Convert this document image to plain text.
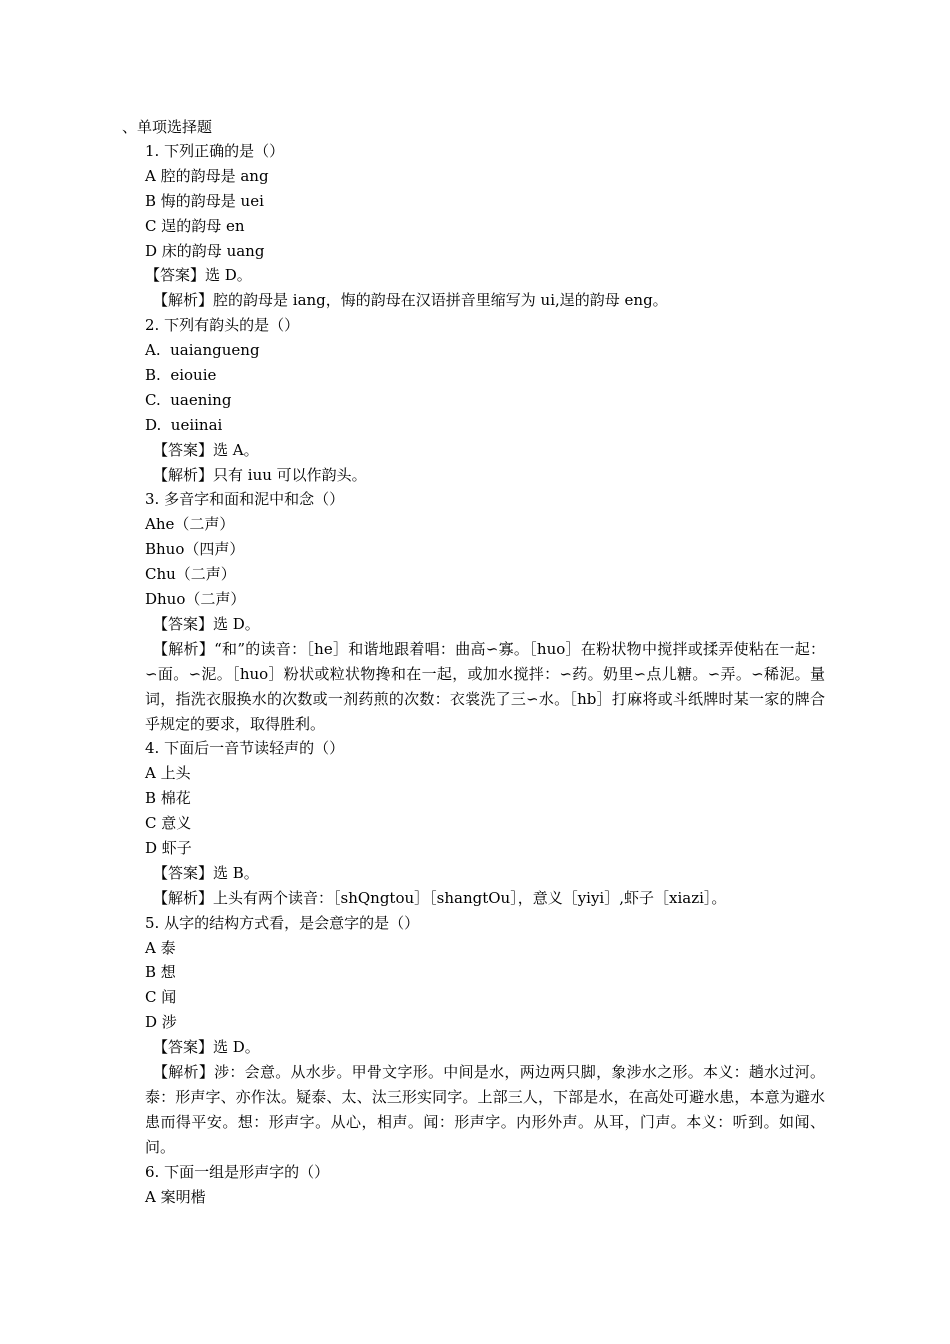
、单项选择题
1. 下列正确的是（）
A 腔的韵母是 ang
B 悔的韵母是 uei
C 逞的韵母 en
D 床的韵母 uang
【答案】选 D。
【解析】腔的韵母是 iang，悔的韵母在汉语拼音里缩写为 ui,逞的韵母 eng。
2. 下列有韵头的是（）
A.  uaiangueng
B.  eiouie
C.  uaening
D.  ueiinai
【答案】选 A。
【解析】只有 iuu 可以作韵头。
3. 多音字和面和泥中和念（）
Ahe（二声）
Bhuo（四声）
Chu（二声）
Dhuo（二声）
【答案】选 D。
【解析】“和”的读音：［he］和谐地跟着唱：曲高∽寡。［huo］在粉状物中搅拌或揉弄使粘在一起：∽面。∽泥。［huo］粉状或粒状物搀和在一起，或加水搅拌：∽药。奶里∽点儿糖。∽弄。∽稀泥。量词，指洗衣服换水的次数或一剂药煎的次数：衣裳洗了三∽水。［hb］打麻将或斗纸牌时某一家的牌合乎规定的要求，取得胜利。
4. 下面后一音节读轻声的（）
A 上头
B 棉花
C 意义
D 虾子
【答案】选 B。
【解析】上头有两个读音：［shQngtou］［shangtOu］，意义［yiyi］,虾子［xiazi］。
5. 从字的结构方式看，是会意字的是（）
A 泰
B 想
C 闻
D 涉
【答案】选 D。
【解析】涉：会意。从水步。甲骨文字形。中间是水，两边两只脚，象涉水之形。本义：趟水过河。泰：形声字、亦作汰。疑泰、太、汰三形实同字。上部三人，下部是水，在高处可避水患，本意为避水患而得平安。想：形声字。从心，相声。闻：形声字。内形外声。从耳，门声。本义：听到。如闻、问。
6. 下面一组是形声字的（）
A 案明楷
